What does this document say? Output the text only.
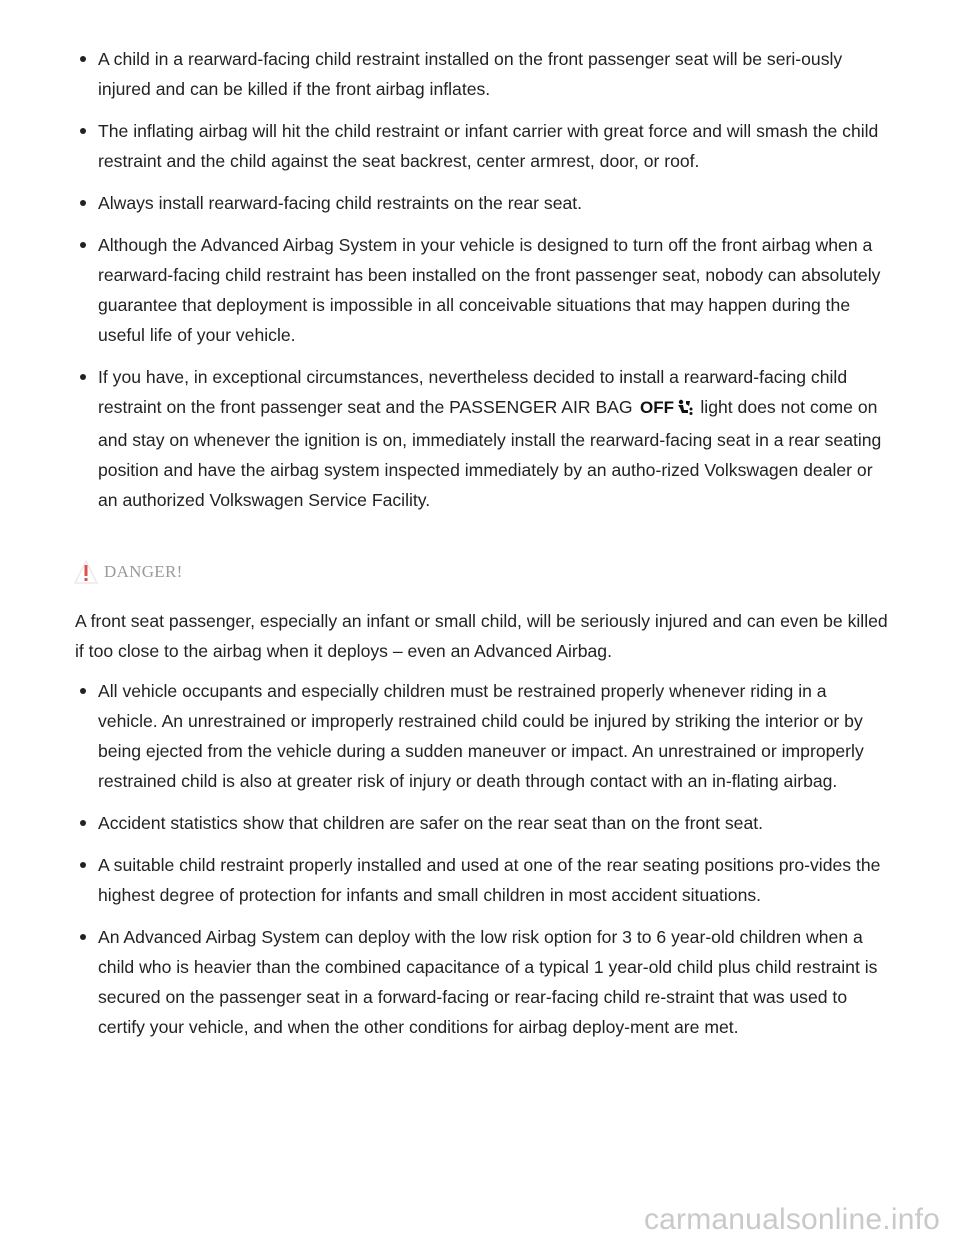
A child in a rearward-facing child restraint installed on the front passenger seat will be seri-ously injured and can be killed if the front airbag inflates.
The inflating airbag will hit the child restraint or infant carrier with great force and will smash the child restraint and the child against the seat backrest, center armrest, door, or roof.
Always install rearward-facing child restraints on the rear seat.
Although the Advanced Airbag System in your vehicle is designed to turn off the front airbag when a rearward-facing child restraint has been installed on the front passenger seat, nobody can absolutely guarantee that deployment is impossible in all conceivable situations that may happen during the useful life of your vehicle.
If you have, in exceptional circumstances, nevertheless decided to install a rearward-facing child restraint on the front passenger seat and the PASSENGER AIR BAG OFF light does not come on and stay on whenever the ignition is on, immediately install the rearward-facing seat in a rear seating position and have the airbag system inspected immediately by an autho-rized Volkswagen dealer or an authorized Volkswagen Service Facility.
DANGER!

A front seat passenger, especially an infant or small child, will be seriously injured and can even be killed if too close to the airbag when it deploys – even an Advanced Airbag.

All vehicle occupants and especially children must be restrained properly whenever riding in a vehicle. An unrestrained or improperly restrained child could be injured by striking the interior or by being ejected from the vehicle during a sudden maneuver or impact. An unrestrained or improperly restrained child is also at greater risk of injury or death through contact with an in-flating airbag.
Accident statistics show that children are safer on the rear seat than on the front seat.
A suitable child restraint properly installed and used at one of the rear seating positions pro-vides the highest degree of protection for infants and small children in most accident situations.
An Advanced Airbag System can deploy with the low risk option for 3 to 6 year-old children when a child who is heavier than the combined capacitance of a typical 1 year-old child plus child restraint is secured on the passenger seat in a forward-facing or rear-facing child re-straint that was used to certify your vehicle, and when the other conditions for airbag deploy-ment are met.
carmanualsonline.info
